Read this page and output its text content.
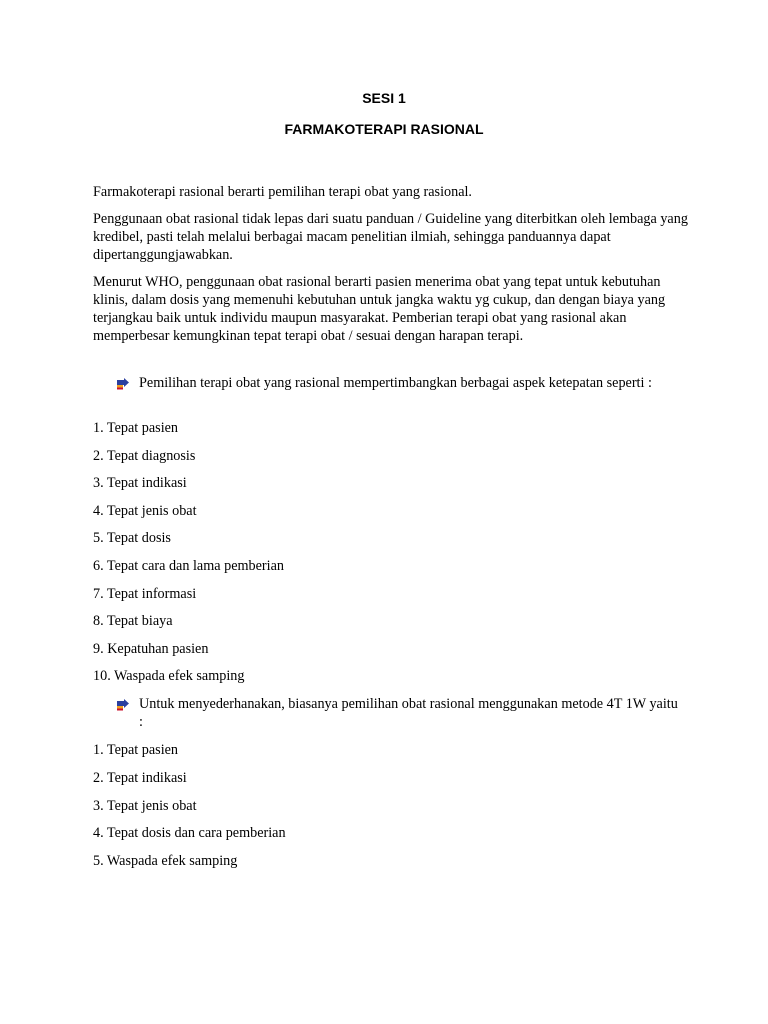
SESI 1
FARMAKOTERAPI RASIONAL

Farmakoterapi rasional berarti pemilihan terapi obat yang rasional.

Penggunaan obat rasional tidak lepas dari suatu panduan / Guideline yang diterbitkan oleh lembaga yang kredibel, pasti telah melalui berbagai macam penelitian ilmiah, sehingga panduannya dapat dipertanggungjawabkan.

Menurut WHO, penggunaan obat rasional berarti pasien menerima obat yang tepat untuk kebutuhan klinis, dalam dosis yang memenuhi kebutuhan untuk jangka waktu yg cukup, dan dengan biaya yang terjangkau baik untuk individu maupun masyarakat. Pemberian terapi obat yang rasional akan memperbesar kemungkinan tepat terapi obat / sesuai dengan harapan terapi.

Pemilihan terapi obat yang rasional mempertimbangkan berbagai aspek ketepatan seperti :

1. Tepat pasien
2. Tepat diagnosis
3. Tepat indikasi
4. Tepat jenis obat
5. Tepat dosis
6. Tepat cara dan lama pemberian
7. Tepat informasi
8. Tepat biaya
9. Kepatuhan pasien
10. Waspada efek samping

Untuk menyederhanakan, biasanya pemilihan obat rasional menggunakan metode 4T 1W yaitu :

1. Tepat pasien
2. Tepat indikasi
3. Tepat jenis obat
4. Tepat dosis dan cara pemberian
5. Waspada efek samping
